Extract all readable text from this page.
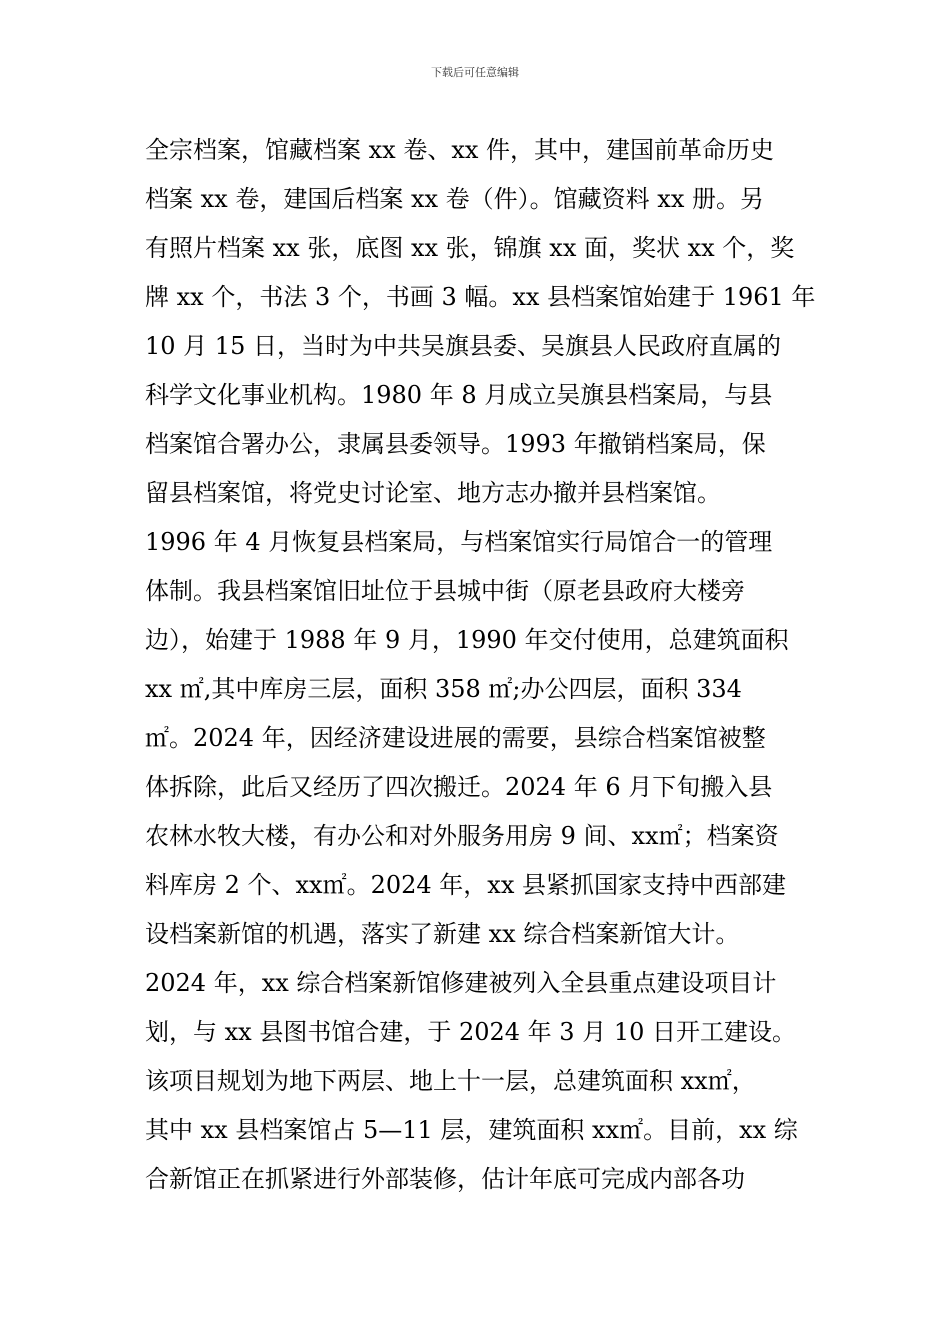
下载后可任意编辑
全宗档案，馆藏档案 xx 卷、xx 件，其中，建国前革命历史
档案 xx 卷，建国后档案 xx 卷（件）。馆藏资料 xx 册。另
有照片档案 xx 张，底图 xx 张，锦旗 xx 面，奖状 xx 个，奖
牌 xx 个，书法 3 个，书画 3 幅。xx 县档案馆始建于 1961 年
10 月 15 日，当时为中共吴旗县委、吴旗县人民政府直属的
科学文化事业机构。1980 年 8 月成立吴旗县档案局，与县
档案馆合署办公，隶属县委领导。1993 年撤销档案局，保
留县档案馆，将党史讨论室、地方志办撤并县档案馆。
1996 年 4 月恢复县档案局，与档案馆实行局馆合一的管理
体制。我县档案馆旧址位于县城中街（原老县政府大楼旁
边），始建于 1988 年 9 月，1990 年交付使用，总建筑面积
xx ㎡,其中库房三层，面积 358 ㎡;办公四层，面积 334
㎡。2024 年，因经济建设进展的需要，县综合档案馆被整
体拆除，此后又经历了四次搬迁。2024 年 6 月下旬搬入县
农林水牧大楼，有办公和对外服务用房 9 间、xx㎡；档案资
料库房 2 个、xx㎡。2024 年，xx 县紧抓国家支持中西部建
设档案新馆的机遇，落实了新建 xx 综合档案新馆大计。
2024 年，xx 综合档案新馆修建被列入全县重点建设项目计
划，与 xx 县图书馆合建，于 2024 年 3 月 10 日开工建设。
该项目规划为地下两层、地上十一层，总建筑面积 xx㎡，
其中 xx 县档案馆占 5—11 层，建筑面积 xx㎡。目前，xx 综
合新馆正在抓紧进行外部装修，估计年底可完成内部各功
